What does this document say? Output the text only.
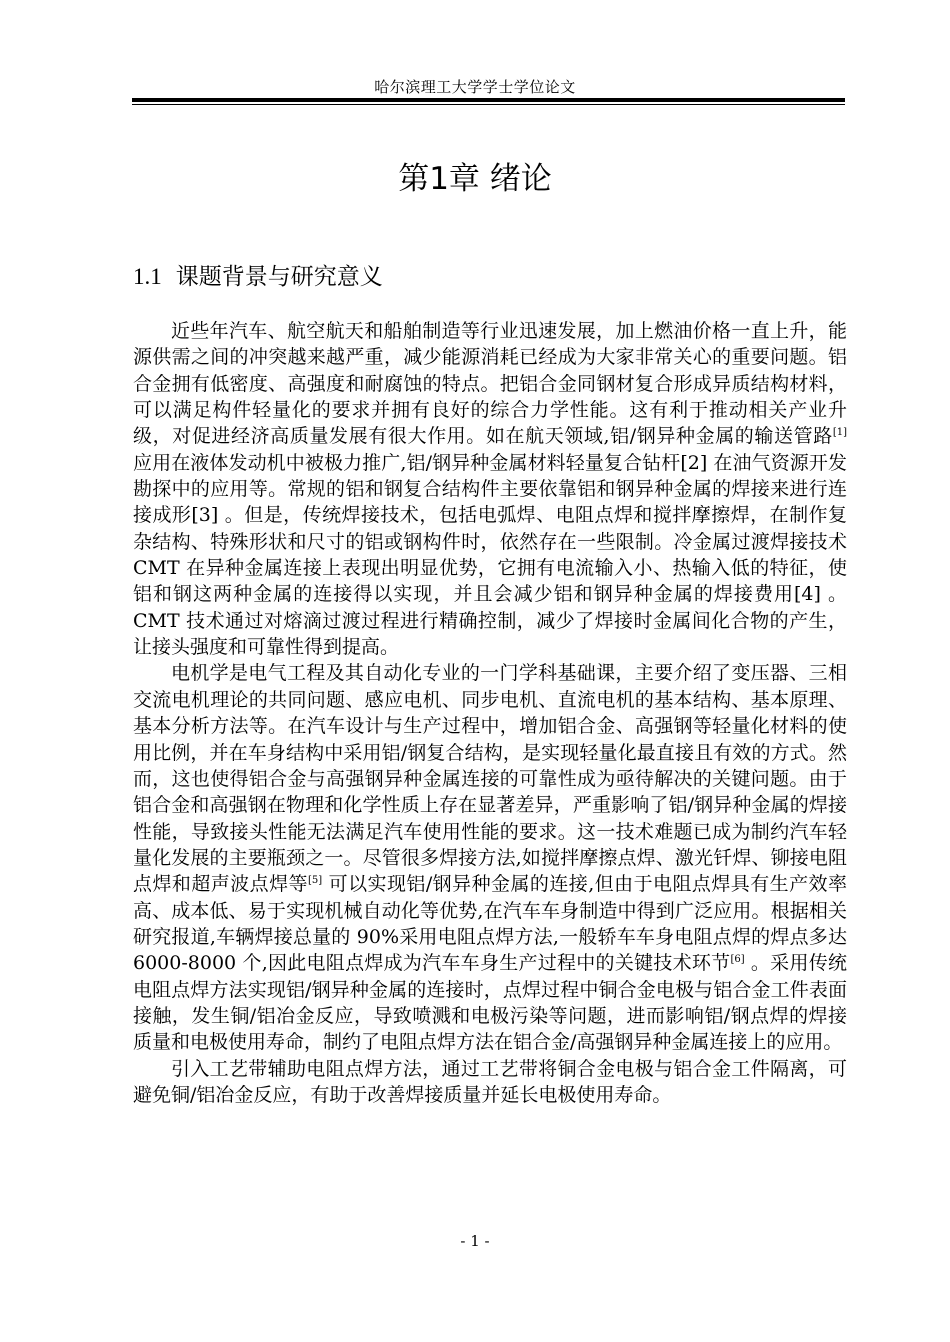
哈尔滨理工大学学士学位论文
第1章 绪论
1.1 课题背景与研究意义

近些年汽车、航空航天和船舶制造等行业迅速发展，加上燃油价格一直上升，能源供需之间的冲突越来越严重，减少能源消耗已经成为大家非常关心的重要问题。铝合金拥有低密度、高强度和耐腐蚀的特点。把铝合金同钢材复合形成异质结构材料，可以满足构件轻量化的要求并拥有良好的综合力学性能。这有利于推动相关产业升级，对促进经济高质量发展有很大作用。如在航天领域,铝/钢异种金属的输送管路[1] 应用在液体发动机中被极力推广,铝/钢异种金属材料轻量复合钻杆[2] 在油气资源开发勘探中的应用等。常规的铝和钢复合结构件主要依靠铝和钢异种金属的焊接来进行连接成形[3] 。但是，传统焊接技术，包括电弧焊、电阻点焊和搅拌摩擦焊，在制作复杂结构、特殊形状和尺寸的铝或钢构件时，依然存在一些限制。冷金属过渡焊接技术 CMT 在异种金属连接上表现出明显优势，它拥有电流输入小、热输入低的特征，使铝和钢这两种金属的连接得以实现，并且会减少铝和钢异种金属的焊接费用[4] 。CMT 技术通过对熔滴过渡过程进行精确控制，减少了焊接时金属间化合物的产生，让接头强度和可靠性得到提高。

电机学是电气工程及其自动化专业的一门学科基础课，主要介绍了变压器、三相交流电机理论的共同问题、感应电机、同步电机、直流电机的基本结构、基本原理、基本分析方法等。在汽车设计与生产过程中，增加铝合金、高强钢等轻量化材料的使用比例，并在车身结构中采用铝/钢复合结构，是实现轻量化最直接且有效的方式。然而，这也使得铝合金与高强钢异种金属连接的可靠性成为亟待解决的关键问题。由于铝合金和高强钢在物理和化学性质上存在显著差异，严重影响了铝/钢异种金属的焊接性能，导致接头性能无法满足汽车使用性能的要求。这一技术难题已成为制约汽车轻量化发展的主要瓶颈之一。尽管很多焊接方法,如搅拌摩擦点焊、激光钎焊、铆接电阻点焊和超声波点焊等[5] 可以实现铝/钢异种金属的连接,但由于电阻点焊具有生产效率高、成本低、易于实现机械自动化等优势,在汽车车身制造中得到广泛应用。根据相关研究报道,车辆焊接总量的 90%采用电阻点焊方法,一般轿车车身电阻点焊的焊点多达 6000-8000 个,因此电阻点焊成为汽车车身生产过程中的关键技术环节[6] 。采用传统电阻点焊方法实现铝/钢异种金属的连接时，点焊过程中铜合金电极与铝合金工件表面接触，发生铜/铝冶金反应，导致喷溅和电极污染等问题，进而影响铝/钢点焊的焊接质量和电极使用寿命，制约了电阻点焊方法在铝合金/高强钢异种金属连接上的应用。

引入工艺带辅助电阻点焊方法，通过工艺带将铜合金电极与铝合金工件隔离，可避免铜/铝冶金反应，有助于改善焊接质量并延长电极使用寿命。

- 1 -
